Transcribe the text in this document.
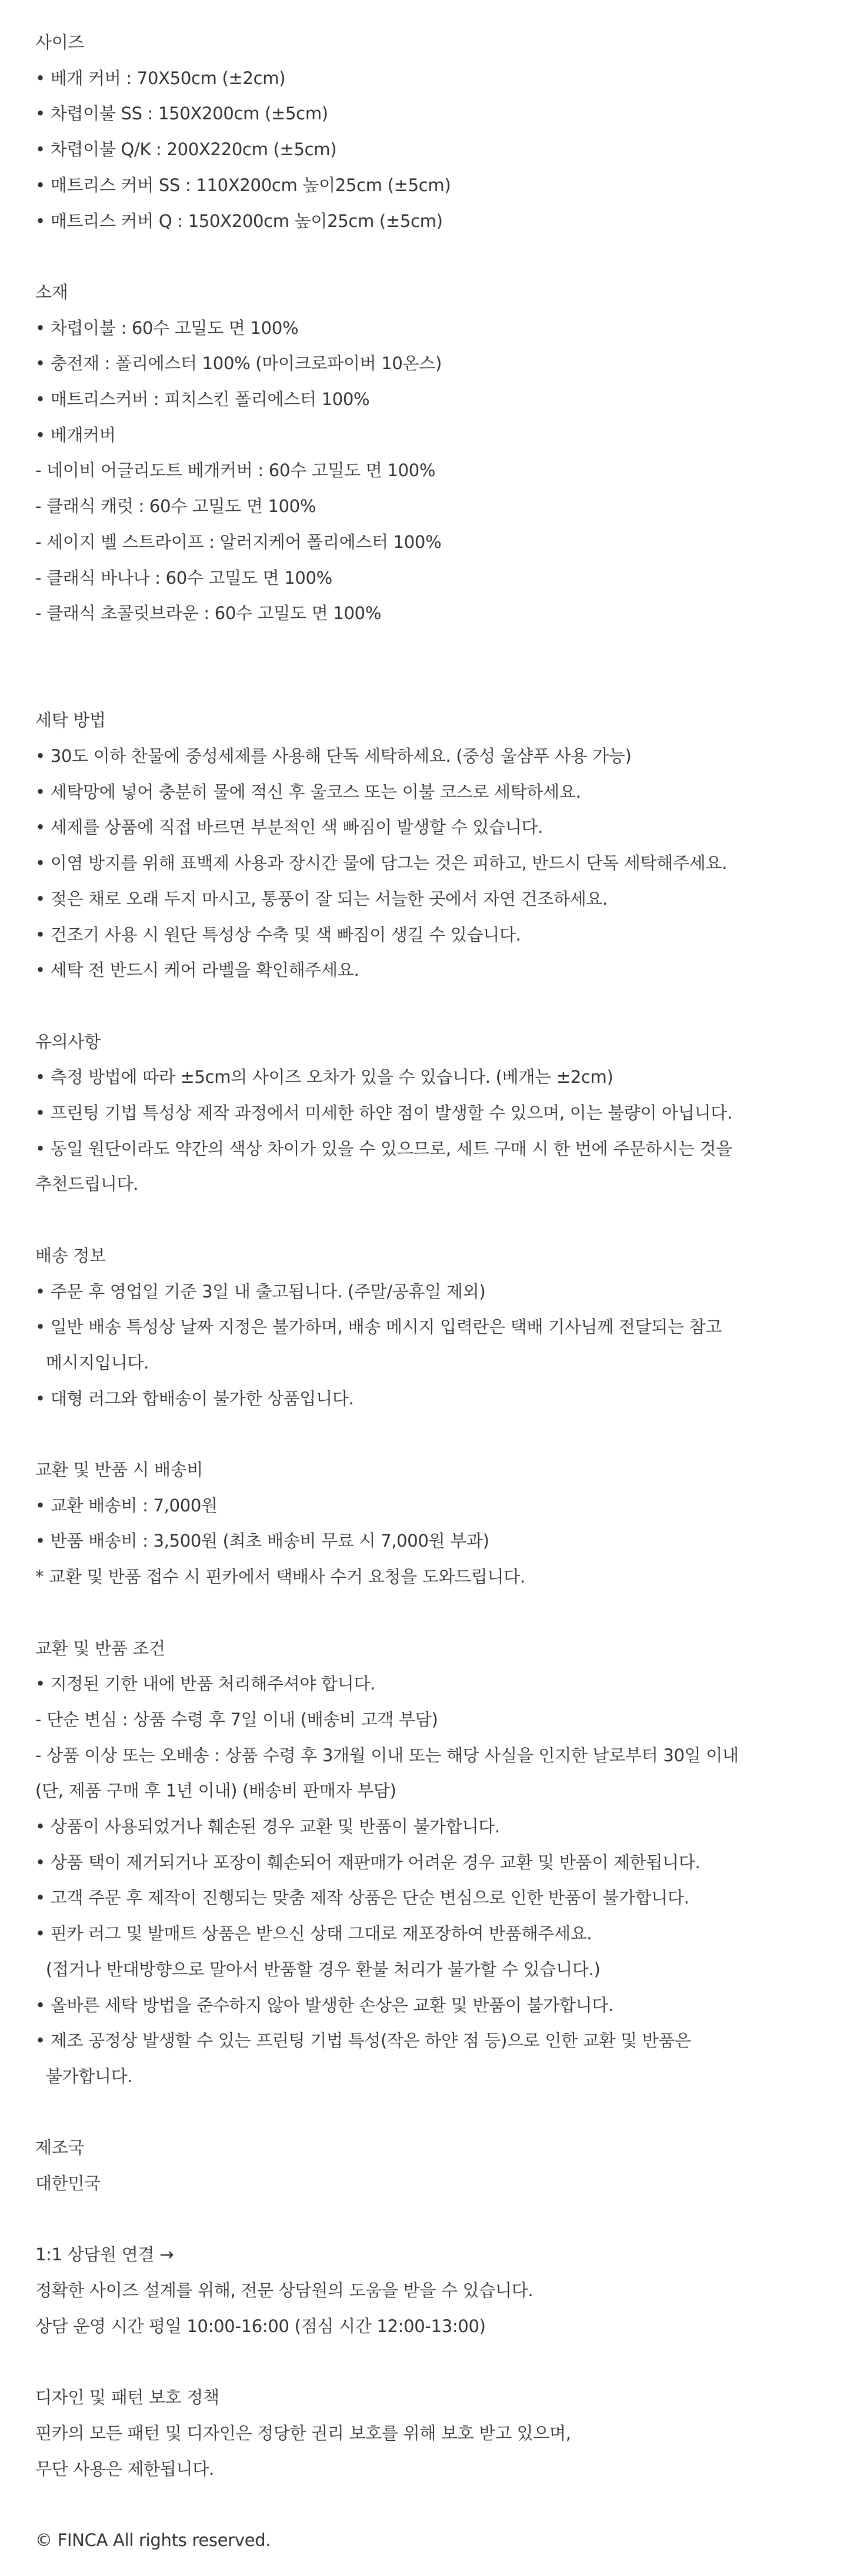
사이즈
• 베개 커버 : 70X50cm (±2cm)
• 차렵이불 SS : 150X200cm (±5cm)
• 차렵이불 Q/K : 200X220cm (±5cm)
• 매트리스 커버 SS : 110X200cm 높이25cm (±5cm)
• 매트리스 커버 Q : 150X200cm 높이25cm (±5cm)
소재
• 차렵이불 : 60수 고밀도 면 100%
• 충전재 : 폴리에스터 100% (마이크로파이버 10온스)
• 매트리스커버 : 피치스킨 폴리에스터 100%
• 베개커버
- 네이비 어글리도트 베개커버 : 60수 고밀도 면 100%
- 클래식 캐럿 : 60수 고밀도 면 100%
- 세이지 벨 스트라이프 : 알러지케어 폴리에스터 100%
- 클래식 바나나 : 60수 고밀도 면 100%
- 클래식 초콜릿브라운 : 60수 고밀도 면 100%
세탁 방법
• 30도 이하 찬물에 중성세제를 사용해 단독 세탁하세요. (중성 울샴푸 사용 가능)
• 세탁망에 넣어 충분히 물에 적신 후 울코스 또는 이불 코스로 세탁하세요.
• 세제를 상품에 직접 바르면 부분적인 색 빠짐이 발생할 수 있습니다.
• 이염 방지를 위해 표백제 사용과 장시간 물에 담그는 것은 피하고, 반드시 단독 세탁해주세요.
• 젖은 채로 오래 두지 마시고, 통풍이 잘 되는 서늘한 곳에서 자연 건조하세요.
• 건조기 사용 시 원단 특성상 수축 및 색 빠짐이 생길 수 있습니다.
• 세탁 전 반드시 케어 라벨을 확인해주세요.
유의사항
• 측정 방법에 따라 ±5cm의 사이즈 오차가 있을 수 있습니다. (베개는 ±2cm)
• 프린팅 기법 특성상 제작 과정에서 미세한 하얀 점이 발생할 수 있으며, 이는 불량이 아닙니다.
• 동일 원단이라도 약간의 색상 차이가 있을 수 있으므로, 세트 구매 시 한 번에 주문하시는 것을
추천드립니다.
배송 정보
• 주문 후 영업일 기준 3일 내 출고됩니다. (주말/공휴일 제외)
• 일반 배송 특성상 날짜 지정은 불가하며, 배송 메시지 입력란은 택배 기사님께 전달되는 참고
메시지입니다.
• 대형 러그와 합배송이 불가한 상품입니다.
교환 및 반품 시 배송비
• 교환 배송비 : 7,000원
• 반품 배송비 : 3,500원 (최초 배송비 무료 시 7,000원 부과)
* 교환 및 반품 접수 시 핀카에서 택배사 수거 요청을 도와드립니다.
교환 및 반품 조건
• 지정된 기한 내에 반품 처리해주셔야 합니다.
- 단순 변심 : 상품 수령 후 7일 이내 (배송비 고객 부담)
- 상품 이상 또는 오배송 : 상품 수령 후 3개월 이내 또는 해당 사실을 인지한 날로부터 30일 이내
(단, 제품 구매 후 1년 이내) (배송비 판매자 부담)
• 상품이 사용되었거나 훼손된 경우 교환 및 반품이 불가합니다.
• 상품 택이 제거되거나 포장이 훼손되어 재판매가 어려운 경우 교환 및 반품이 제한됩니다.
• 고객 주문 후 제작이 진행되는 맞춤 제작 상품은 단순 변심으로 인한 반품이 불가합니다.
• 핀카 러그 및 발매트 상품은 받으신 상태 그대로 재포장하여 반품해주세요.
(접거나 반대방향으로 말아서 반품할 경우 환불 처리가 불가할 수 있습니다.)
• 올바른 세탁 방법을 준수하지 않아 발생한 손상은 교환 및 반품이 불가합니다.
• 제조 공정상 발생할 수 있는 프린팅 기법 특성(작은 하얀 점 등)으로 인한 교환 및 반품은
불가합니다.
제조국
대한민국
1:1 상담원 연결 →
정확한 사이즈 설계를 위해, 전문 상담원의 도움을 받을 수 있습니다.
상담 운영 시간 평일 10:00-16:00 (점심 시간 12:00-13:00)
디자인 및 패턴 보호 정책
핀카의 모든 패턴 및 디자인은 정당한 권리 보호를 위해 보호 받고 있으며,
무단 사용은 제한됩니다.
© FINCA All rights reserved.
